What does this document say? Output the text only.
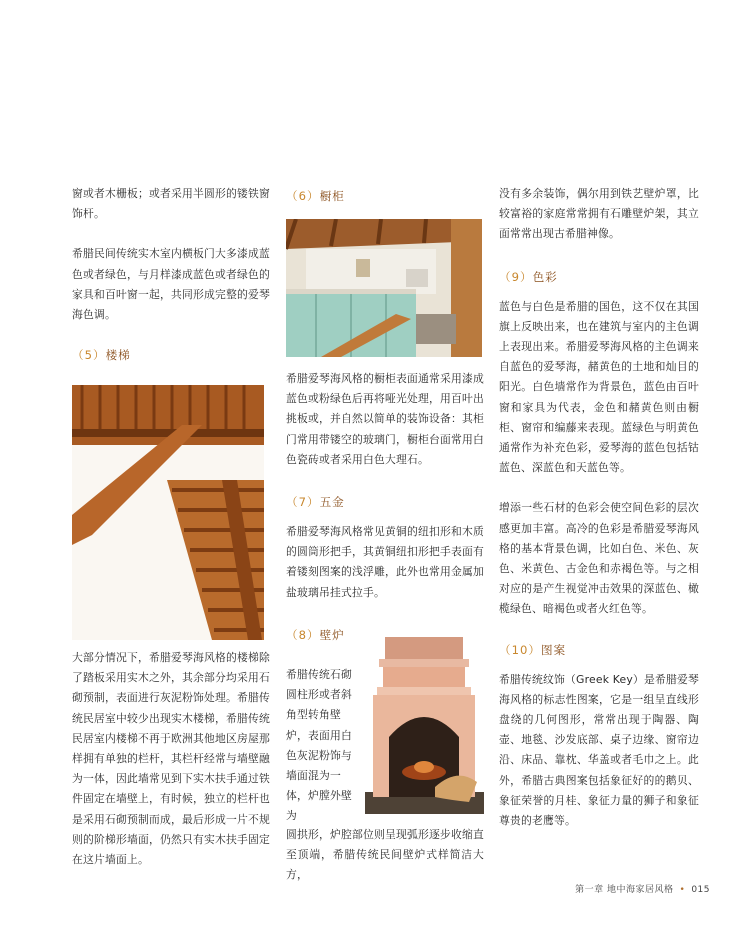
窗或者木栅板；或者采用半圆形的镂铁窗饰杆。

希腊民间传统实木室内横板门大多漆成蓝色或者绿色，与月样漆成蓝色或者绿色的家具和百叶窗一起，共同形成完整的爱琴海色调。

（5）楼梯

大部分情况下，希腊爱琴海风格的楼梯除了踏板采用实木之外，其余部分均采用石砌预制，表面进行灰泥粉饰处理。希腊传统民居室中较少出现实木楼梯，希腊传统民居室内楼梯不再于欧洲其他地区房屋那样拥有单独的栏杆，其栏杆经常与墙壁融为一体，因此墙常见到下实木扶手通过铁件固定在墙壁上，有时候，独立的栏杆也是采用石砌预制而成，最后形成一片不规则的阶梯形墙面，仍然只有实木扶手固定在这片墙面上。

（6）橱柜

希腊爱琴海风格的橱柜表面通常采用漆成蓝色或粉绿色后再将哑光处理，用百叶出挑板或，并自然以简单的装饰设备：其柜门常用带镂空的玻璃门，橱柜台面常用白色瓷砖或者采用白色大理石。

（7）五金

希腊爱琴海风格常见黄铜的纽扣形和木质的圆筒形把手，其黄铜纽扣形把手表面有着镂刻图案的浅浮雕，此外也常用金属加盐玻璃吊挂式拉手。

（8）壁炉

希腊传统石砌圆柱形或者斜角型转角壁炉，表面用白色灰泥粉饰与墙面混为一体，炉膛外壁为

圆拱形，炉腔部位则呈现弧形逐步收缩直至顶端，希腊传统民间壁炉式样简洁大方，

没有多余装饰，偶尔用到铁艺壁炉罩，比较富裕的家庭常常拥有石雕壁炉架，其立面常常出现古希腊神像。

（9）色彩

蓝色与白色是希腊的国色，这不仅在其国旗上反映出来，也在建筑与室内的主色调上表现出来。希腊爱琴海风格的主色调来自蓝色的爱琴海，赭黄色的土地和灿目的阳光。白色墙常作为背景色，蓝色由百叶窗和家具为代表，金色和赭黄色则由橱柜、窗帘和编藤来表现。蓝绿色与明黄色通常作为补充色彩，爱琴海的蓝色包括钴蓝色、深蓝色和天蓝色等。

增添一些石材的色彩会使空间色彩的层次感更加丰富。高冷的色彩是希腊爱琴海风格的基本背景色调，比如白色、米色、灰色、米黄色、古金色和赤褐色等。与之相对应的是产生视觉冲击效果的深蓝色、橄榄绿色、暗褐色或者火红色等。

（10）图案

希腊传统纹饰（Greek Key）是希腊爱琴海风格的标志性图案，它是一组呈直线形盘绕的几何图形，常常出现于陶器、陶壶、地毯、沙发底部、桌子边缘、窗帘边沿、床品、靠枕、华盖或者毛巾之上。此外，希腊古典图案包括象征好的的鹅贝、象征荣誉的月桂、象征力量的狮子和象征尊贵的老鹰等。

第一章 地中海家居风格 • 015
